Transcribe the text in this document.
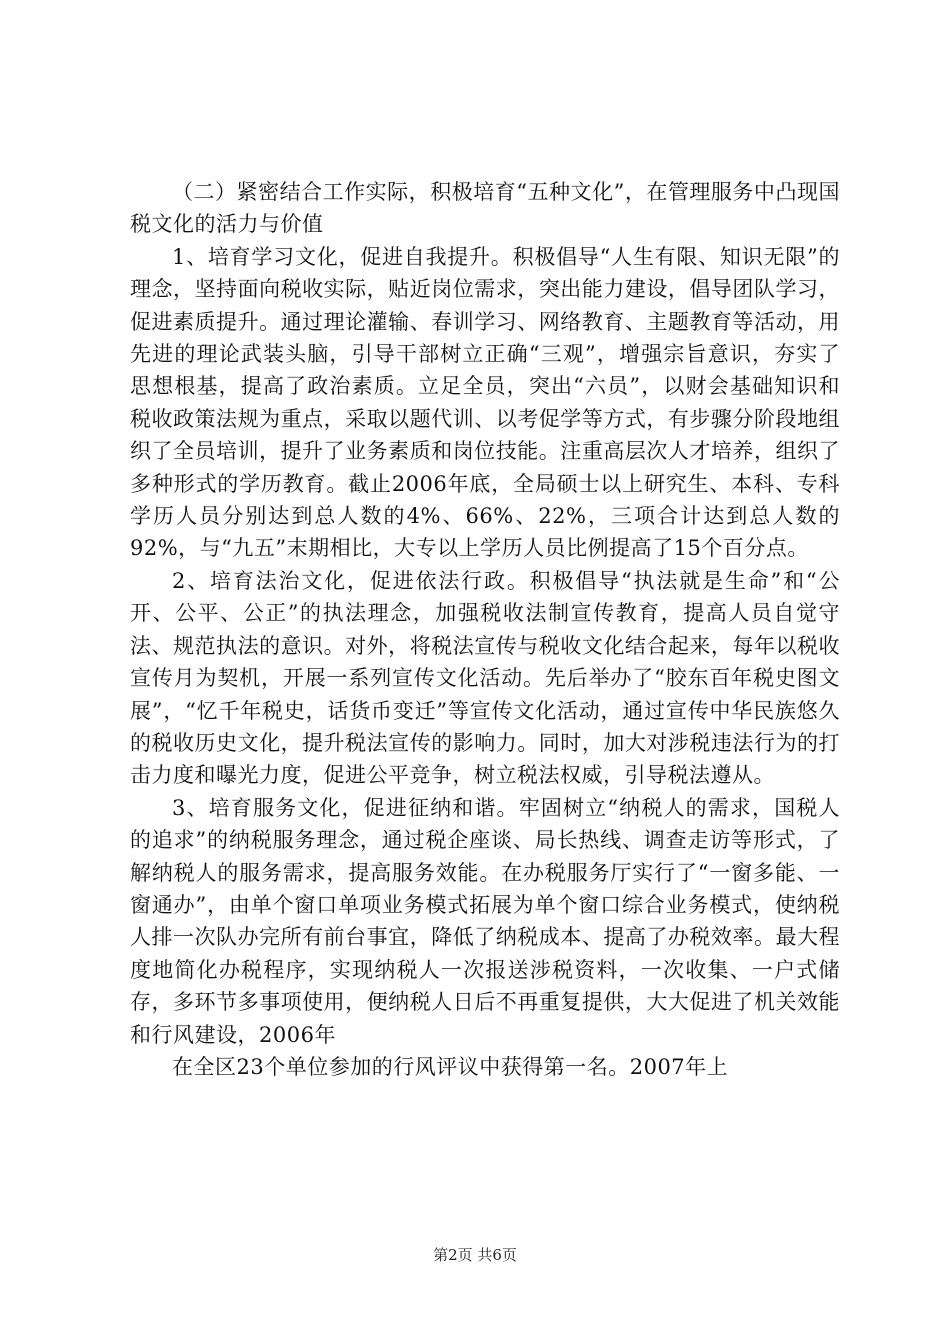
（二）紧密结合工作实际，积极培育“五种文化”，在管理服务中凸现国税文化的活力与价值

1、培育学习文化，促进自我提升。积极倡导“人生有限、知识无限”的理念，坚持面向税收实际，贴近岗位需求，突出能力建设，倡导团队学习，促进素质提升。通过理论灌输、春训学习、网络教育、主题教育等活动，用先进的理论武装头脑，引导干部树立正确“三观”，增强宗旨意识，夯实了思想根基，提高了政治素质。立足全员，突出“六员”，以财会基础知识和税收政策法规为重点，采取以题代训、以考促学等方式，有步骤分阶段地组织了全员培训，提升了业务素质和岗位技能。注重高层次人才培养，组织了多种形式的学历教育。截止2006年底，全局硕士以上研究生、本科、专科学历人员分别达到总人数的4%、66%、22%，三项合计达到总人数的92%，与“九五”末期相比，大专以上学历人员比例提高了15个百分点。

2、培育法治文化，促进依法行政。积极倡导“执法就是生命”和“公开、公平、公正”的执法理念，加强税收法制宣传教育，提高人员自觉守法、规范执法的意识。对外，将税法宣传与税收文化结合起来，每年以税收宣传月为契机，开展一系列宣传文化活动。先后举办了“胶东百年税史图文展”，“忆千年税史，话货币变迁”等宣传文化活动，通过宣传中华民族悠久的税收历史文化，提升税法宣传的影响力。同时，加大对涉税违法行为的打击力度和曝光力度，促进公平竞争，树立税法权威，引导税法遵从。

3、培育服务文化，促进征纳和谐。牢固树立“纳税人的需求，国税人的追求”的纳税服务理念，通过税企座谈、局长热线、调查走访等形式，了解纳税人的服务需求，提高服务效能。在办税服务厅实行了“一窗多能、一窗通办”，由单个窗口单项业务模式拓展为单个窗口综合业务模式，使纳税人排一次队办完所有前台事宜，降低了纳税成本、提高了办税效率。最大程度地简化办税程序，实现纳税人一次报送涉税资料，一次收集、一户式储存，多环节多事项使用，便纳税人日后不再重复提供，大大促进了机关效能和行风建设，2006年

在全区23个单位参加的行风评议中获得第一名。2007年上

第2页 共6页
